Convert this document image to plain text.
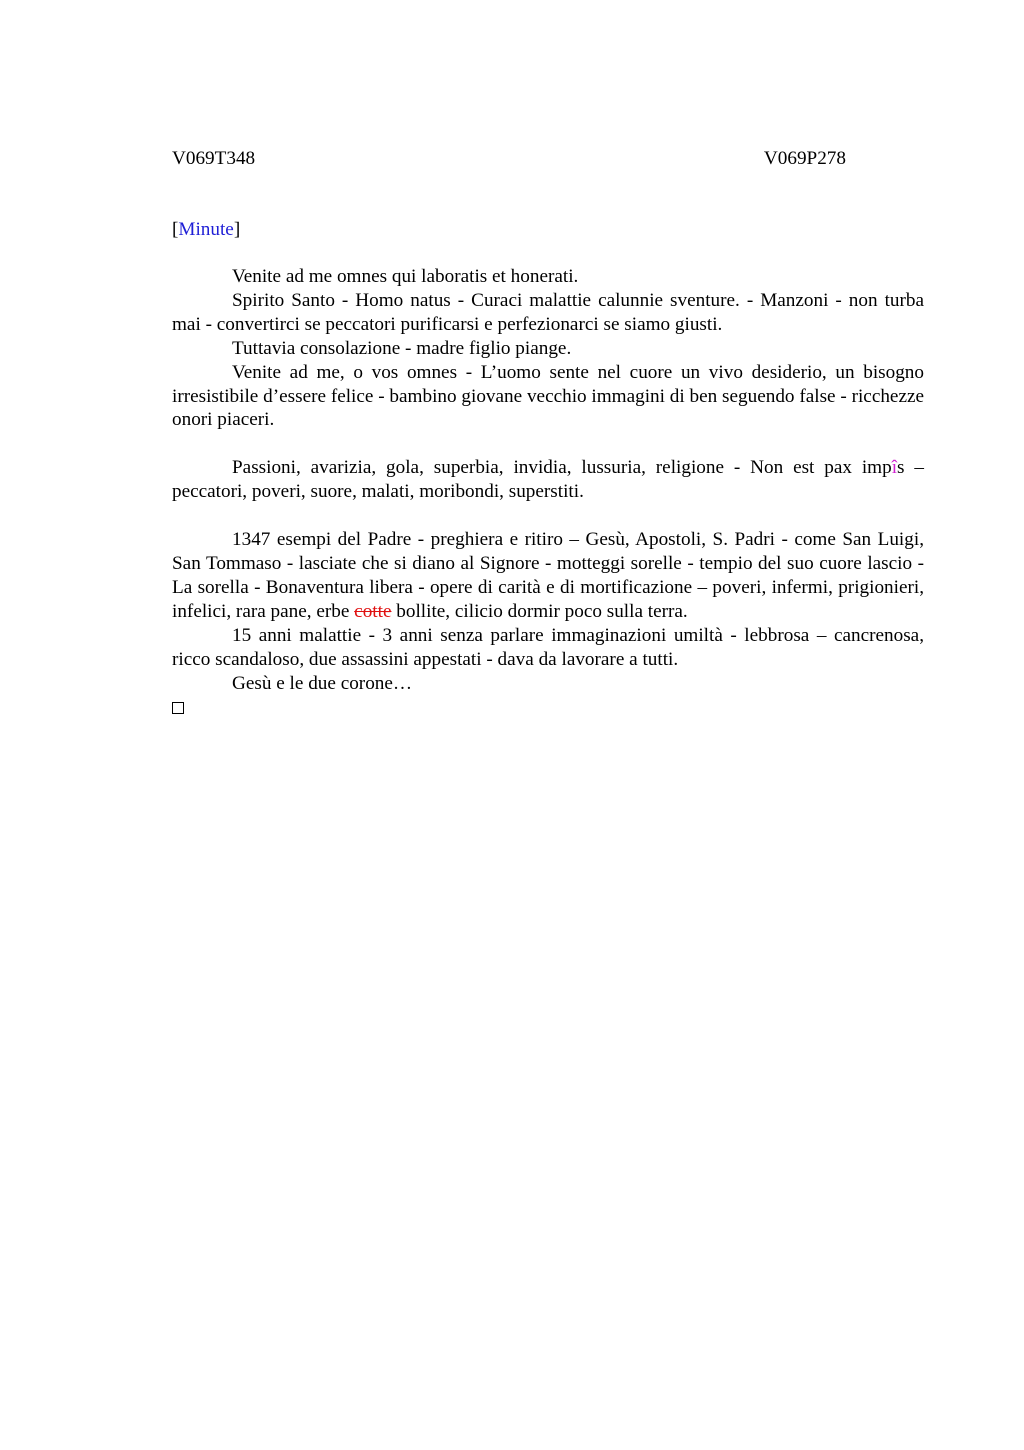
V069T348	V069P278
[Minute]

Venite ad me omnes qui laboratis et honerati.

Spirito Santo - Homo natus - Curaci malattie calunnie sventure. - Manzoni - non turba mai - convertirci se peccatori purificarsi e perfezionarci se siamo giusti.

Tuttavia consolazione - madre figlio piange.

Venite ad me, o vos omnes - L’uomo sente nel cuore un vivo desiderio, un bisogno irresistibile d’essere felice - bambino giovane vecchio immagini di ben seguendo false - ricchezze onori piaceri.

Passioni, avarizia, gola, superbia, invidia, lussuria, religione - Non est pax impîs – peccatori, poveri, suore, malati, moribondi, superstiti.

1347 esempi del Padre - preghiera e ritiro – Gesù, Apostoli, S. Padri - come San Luigi, San Tommaso - lasciate che si diano al Signore - motteggi sorelle - tempio del suo cuore lascio - La sorella - Bonaventura libera - opere di carità e di mortificazione – poveri, infermi, prigionieri, infelici, rara pane, erbe cotte bollite, cilicio dormir poco sulla terra.

15 anni malattie - 3 anni senza parlare immaginazioni umiltà - lebbrosa – cancrenosa, ricco scandaloso, due assassini appestati - dava da lavorare a tutti.

Gesù e le due corone…
